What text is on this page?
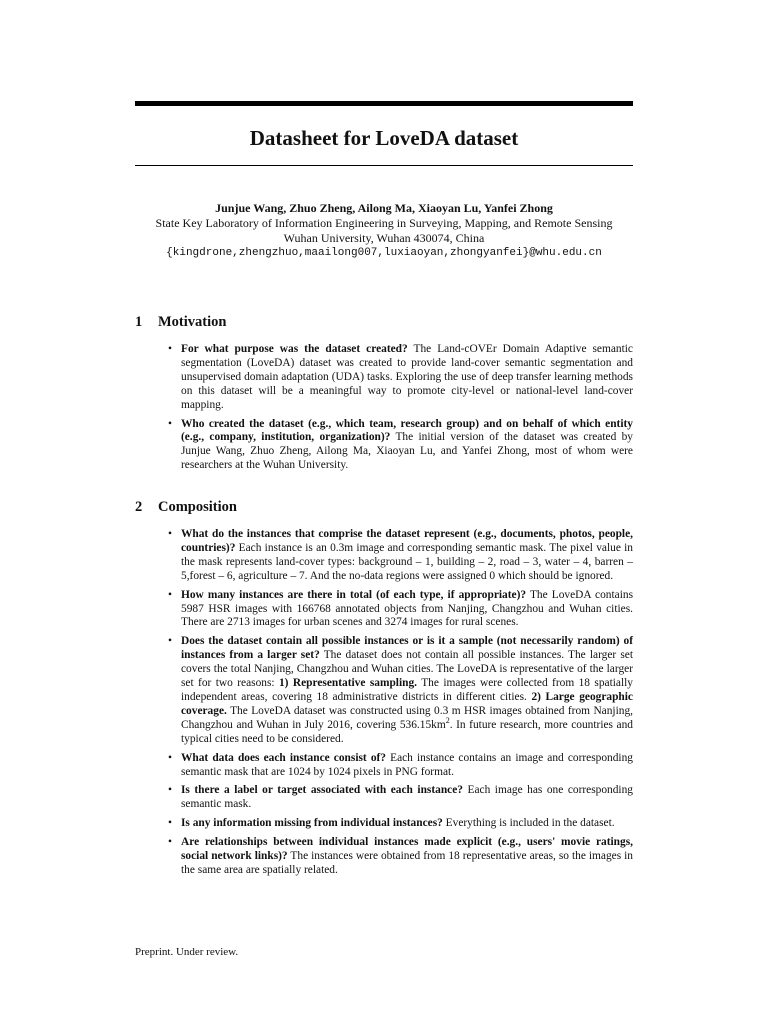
Datasheet for LoveDA dataset
Junjue Wang, Zhuo Zheng, Ailong Ma, Xiaoyan Lu, Yanfei Zhong
State Key Laboratory of Information Engineering in Surveying, Mapping, and Remote Sensing
Wuhan University, Wuhan 430074, China
{kingdrone,zhengzhuo,maailong007,luxiaoyan,zhongyanfei}@whu.edu.cn
1 Motivation
• For what purpose was the dataset created? The Land-cOVEr Domain Adaptive semantic segmentation (LoveDA) dataset was created to provide land-cover semantic segmentation and unsupervised domain adaptation (UDA) tasks. Exploring the use of deep transfer learning methods on this dataset will be a meaningful way to promote city-level or national-level land-cover mapping.
• Who created the dataset (e.g., which team, research group) and on behalf of which entity (e.g., company, institution, organization)? The initial version of the dataset was created by Junjue Wang, Zhuo Zheng, Ailong Ma, Xiaoyan Lu, and Yanfei Zhong, most of whom were researchers at the Wuhan University.
2 Composition
• What do the instances that comprise the dataset represent (e.g., documents, photos, people, countries)? Each instance is an 0.3m image and corresponding semantic mask. The pixel value in the mask represents land-cover types: background – 1, building – 2, road – 3, water – 4, barren – 5,forest – 6, agriculture – 7. And the no-data regions were assigned 0 which should be ignored.
• How many instances are there in total (of each type, if appropriate)? The LoveDA contains 5987 HSR images with 166768 annotated objects from Nanjing, Changzhou and Wuhan cities. There are 2713 images for urban scenes and 3274 images for rural scenes.
• Does the dataset contain all possible instances or is it a sample (not necessarily random) of instances from a larger set? The dataset does not contain all possible instances. The larger set covers the total Nanjing, Changzhou and Wuhan cities. The LoveDA is representative of the larger set for two reasons: 1) Representative sampling. The images were collected from 18 spatially independent areas, covering 18 administrative districts in different cities. 2) Large geographic coverage. The LoveDA dataset was constructed using 0.3 m HSR images obtained from Nanjing, Changzhou and Wuhan in July 2016, covering $536.15km^2$. In future research, more countries and typical cities need to be considered.
• What data does each instance consist of? Each instance contains an image and corresponding semantic mask that are 1024 by 1024 pixels in PNG format.
• Is there a label or target associated with each instance? Each image has one corresponding semantic mask.
• Is any information missing from individual instances? Everything is included in the dataset.
• Are relationships between individual instances made explicit (e.g., users' movie ratings, social network links)? The instances were obtained from 18 representative areas, so the images in the same area are spatially related.
Preprint. Under review.
